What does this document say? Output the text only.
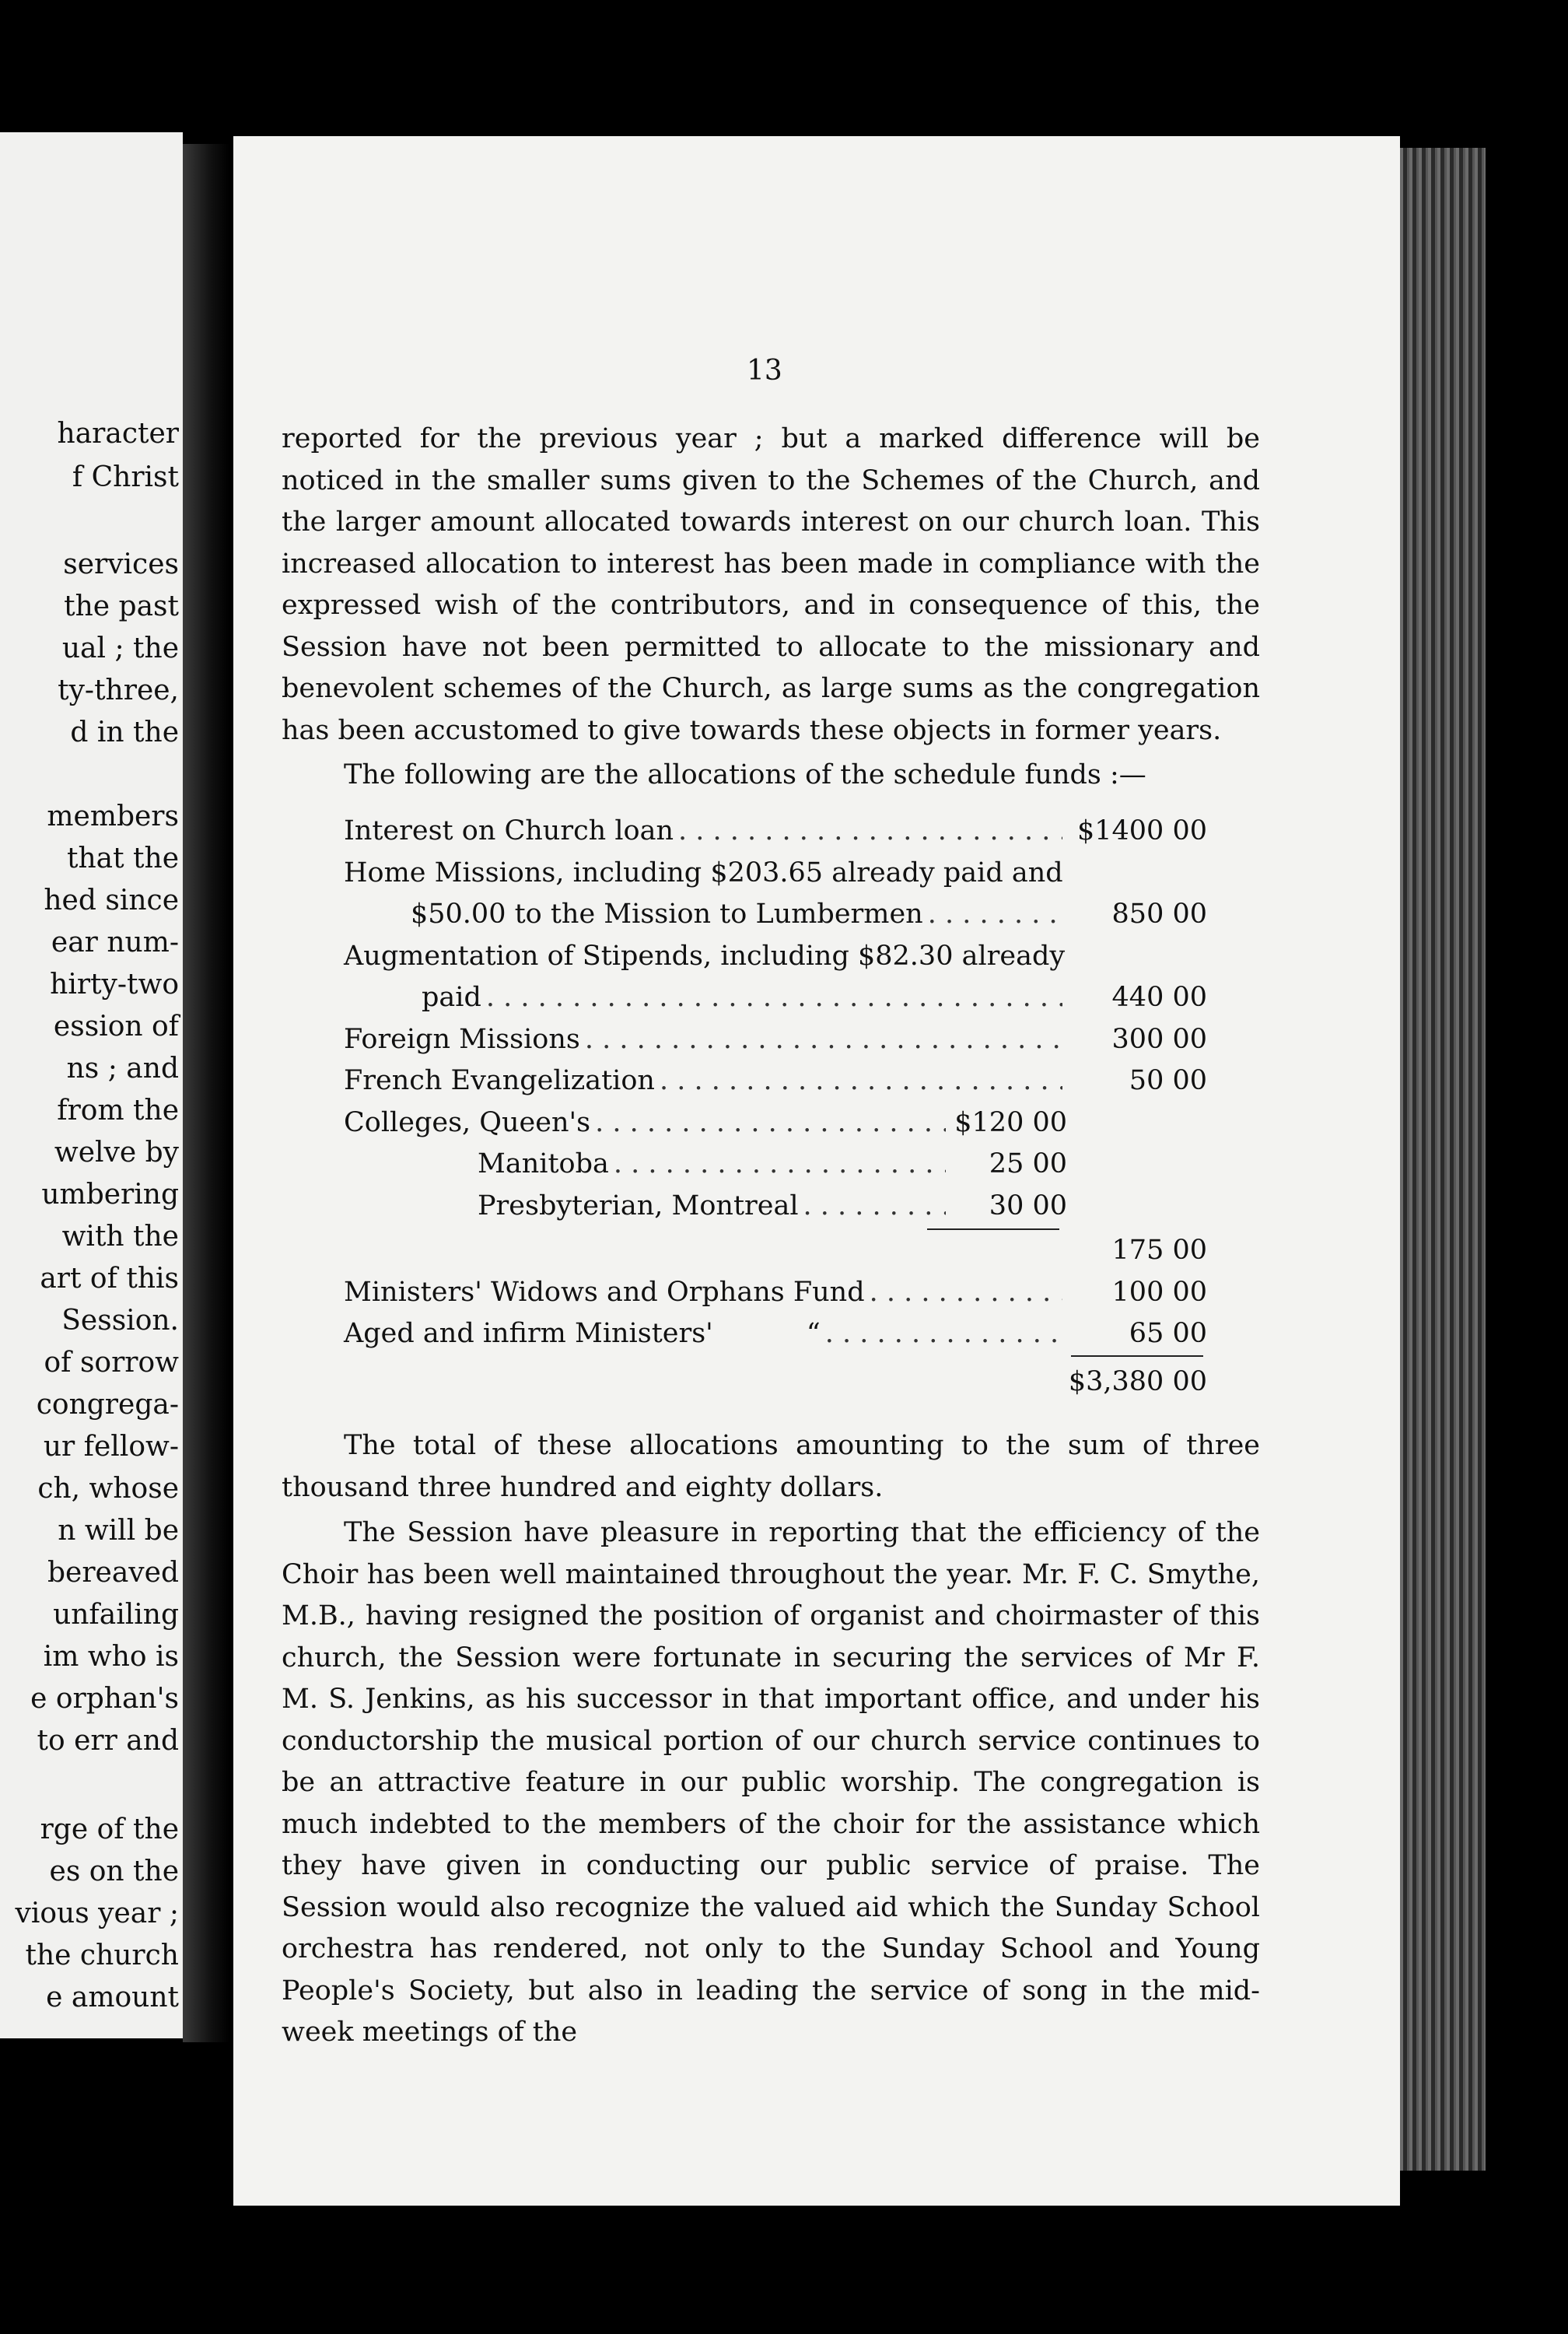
haracter
f Christ
services
the past
ual ; the
ty-three,
d in the
members
that the
hed since
ear num-
hirty-two
ession of
ns ; and
from the
welve by
umbering
with the
art of this
Session.
of sorrow
congrega-
ur fellow-
ch, whose
n will be
bereaved
unfailing
im who is
e orphan's
to err and
rge of the
es on the
vious year ;
the church
e amount
13
reported for the previous year ; but a marked difference will be noticed in the smaller sums given to the Schemes of the Church, and the larger amount allocated towards interest on our church loan. This increased allocation to interest has been made in compliance with the expressed wish of the contributors, and in consequence of this, the Session have not been permitted to allocate to the missionary and benevolent schemes of the Church, as large sums as the congregation has been accustomed to give towards these objects in former years.
The following are the allocations of the schedule funds :—
Interest on Church loan . . .	$1400 00
Home Missions, including $203.65 already paid and
$50.00 to the Mission to Lumbermen . . .	850 00
Augmentation of Stipends, including $82.30 already
paid . . .	440 00
Foreign Missions . . .	300 00
French Evangelization . . .	50 00
Colleges, Queen's . . .	$120 00
Manitoba . . .	25 00
Presbyterian, Montreal . . .	30 00
175 00
Ministers' Widows and Orphans Fund . . .	100 00
Aged and infirm Ministers'	“ . . .	65 00
$3,380 00
The total of these allocations amounting to the sum of three thousand three hundred and eighty dollars.
The Session have pleasure in reporting that the efficiency of the Choir has been well maintained throughout the year. Mr. F. C. Smythe, M.B., having resigned the position of organist and choirmaster of this church, the Session were fortunate in securing the services of Mr F. M. S. Jenkins, as his successor in that important office, and under his conductorship the musical portion of our church service continues to be an attractive feature in our public worship. The congregation is much indebted to the members of the choir for the assistance which they have given in conducting our public service of praise. The Session would also recognize the valued aid which the Sunday School orchestra has rendered, not only to the Sunday School and Young People's Society, but also in leading the service of song in the mid-week meetings of the
